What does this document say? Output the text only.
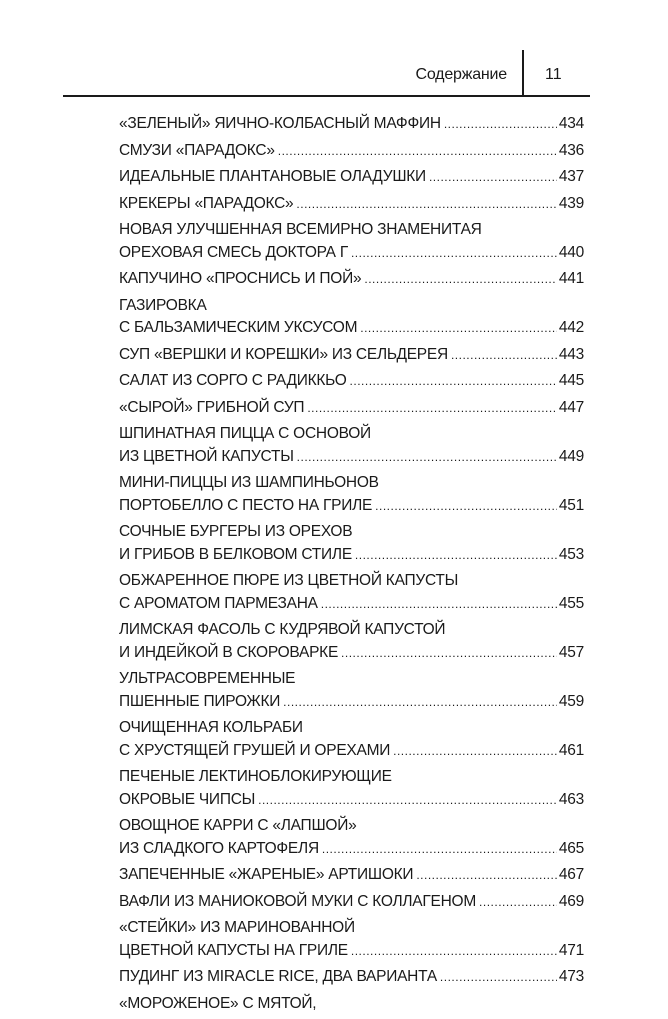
Содержание 11
«ЗЕЛЕНЫЙ» ЯИЧНО-КОЛБАСНЫЙ МАФФИН .....	434
СМУЗИ «ПАРАДОКС» .....	436
ИДЕАЛЬНЫЕ ПЛАНТАНОВЫЕ ОЛАДУШКИ .....	437
КРЕКЕРЫ «ПАРАДОКС» .....	439
НОВАЯ УЛУЧШЕННАЯ ВСЕМИРНО ЗНАМЕНИТАЯ
ОРЕХОВАЯ СМЕСЬ ДОКТОРА Г .....	440
КАПУЧИНО «ПРОСНИСЬ И ПОЙ» .....	441
ГАЗИРОВКА
С БАЛЬЗАМИЧЕСКИМ УКСУСОМ .....	442
СУП «ВЕРШКИ И КОРЕШКИ» ИЗ СЕЛЬДЕРЕЯ .....	443
САЛАТ ИЗ СОРГО С РАДИККЬО .....	445
«СЫРОЙ» ГРИБНОЙ СУП .....	447
ШПИНАТНАЯ ПИЦЦА С ОСНОВОЙ
ИЗ ЦВЕТНОЙ КАПУСТЫ .....	449
МИНИ-ПИЦЦЫ ИЗ ШАМПИНЬОНОВ
ПОРТОБЕЛЛО С ПЕСТО НА ГРИЛЕ .....	451
СОЧНЫЕ БУРГЕРЫ ИЗ ОРЕХОВ
И ГРИБОВ В БЕЛКОВОМ СТИЛЕ .....	453
ОБЖАРЕННОЕ ПЮРЕ ИЗ ЦВЕТНОЙ КАПУСТЫ
С АРОМАТОМ ПАРМЕЗАНА .....	455
ЛИМСКАЯ ФАСОЛЬ С КУДРЯВОЙ КАПУСТОЙ
И ИНДЕЙКОЙ В СКОРОВАРКЕ .....	457
УЛЬТРАСОВРЕМЕННЫЕ
ПШЕННЫЕ ПИРОЖКИ .....	459
ОЧИЩЕННАЯ КОЛЬРАБИ
С ХРУСТЯЩЕЙ ГРУШЕЙ И ОРЕХАМИ .....	461
ПЕЧЕНЫЕ ЛЕКТИНОБЛОКИРУЮЩИЕ
ОКРОВЫЕ ЧИПСЫ .....	463
ОВОЩНОЕ КАРРИ С «ЛАПШОЙ»
ИЗ СЛАДКОГО КАРТОФЕЛЯ .....	465
ЗАПЕЧЕННЫЕ «ЖАРЕНЫЕ» АРТИШОКИ .....	467
ВАФЛИ ИЗ МАНИОКОВОЙ МУКИ С КОЛЛАГЕНОМ .....	469
«СТЕЙКИ» ИЗ МАРИНОВАННОЙ
ЦВЕТНОЙ КАПУСТЫ НА ГРИЛЕ .....	471
ПУДИНГ ИЗ MIRACLE RICE, ДВА ВАРИАНТА .....	473
«МОРОЖЕНОЕ» С МЯТОЙ,
